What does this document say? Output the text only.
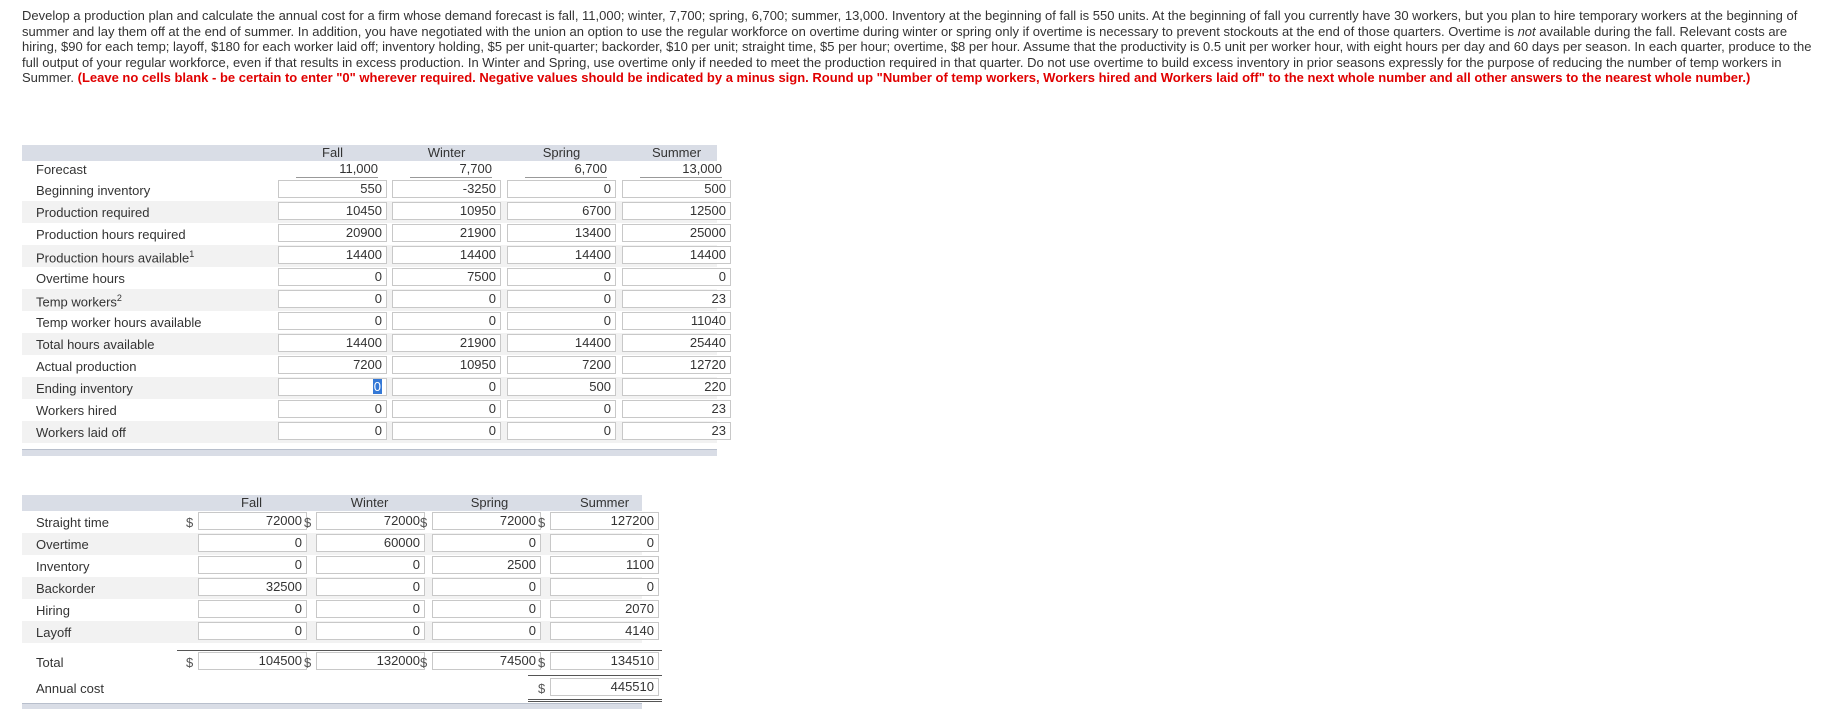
Develop a production plan and calculate the annual cost for a firm whose demand forecast is fall, 11,000; winter, 7,700; spring, 6,700; summer, 13,000. Inventory at the beginning of fall is 550 units. At the beginning of fall you currently have 30 workers, but you plan to hire temporary workers at the beginning of summer and lay them off at the end of summer. In addition, you have negotiated with the union an option to use the regular workforce on overtime during winter or spring only if overtime is necessary to prevent stockouts at the end of those quarters. Overtime is not available during the fall. Relevant costs are hiring, $90 for each temp; layoff, $180 for each worker laid off; inventory holding, $5 per unit-quarter; backorder, $10 per unit; straight time, $5 per hour; overtime, $8 per hour. Assume that the productivity is 0.5 unit per worker hour, with eight hours per day and 60 days per season. In each quarter, produce to the full output of your regular workforce, even if that results in excess production. In Winter and Spring, use overtime only if needed to meet the production required in that quarter. Do not use overtime to build excess inventory in prior seasons expressly for the purpose of reducing the number of temp workers in Summer. (Leave no cells blank - be certain to enter "0" wherever required. Negative values should be indicated by a minus sign. Round up "Number of temp workers, Workers hired and Workers laid off" to the next whole number and all other answers to the nearest whole number.)
Fall	Winter	Spring	Summer
Forecast	11,000	7,700	6,700	13,000
Beginning inventory	550	-3250	0	500
Production required	10450	10950	6700	12500
Production hours required	20900	21900	13400	25000
Production hours available$^1$	14400	14400	14400	14400
Overtime hours	0	7500	0	0
Temp workers$^2$	0	0	0	23
Temp worker hours available	0	0	0	11040
Total hours available	14400	21900	14400	25440
Actual production	7200	10950	7200	12720
Ending inventory	0	0	500	220
Workers hired	0	0	0	23
Workers laid off	0	0	0	23
Fall	Winter	Spring	Summer
Straight time	$	72000 $	72000 $	72000 $	127200
Overtime	0	60000	0	0
Inventory	0	0	2500	1100
Backorder	32500	0	0	0
Hiring	0	0	0	2070
Layoff	0	0	0	4140
Total	$	104500 $	132000 $	74500 $	134510
Annual cost	$	445510
